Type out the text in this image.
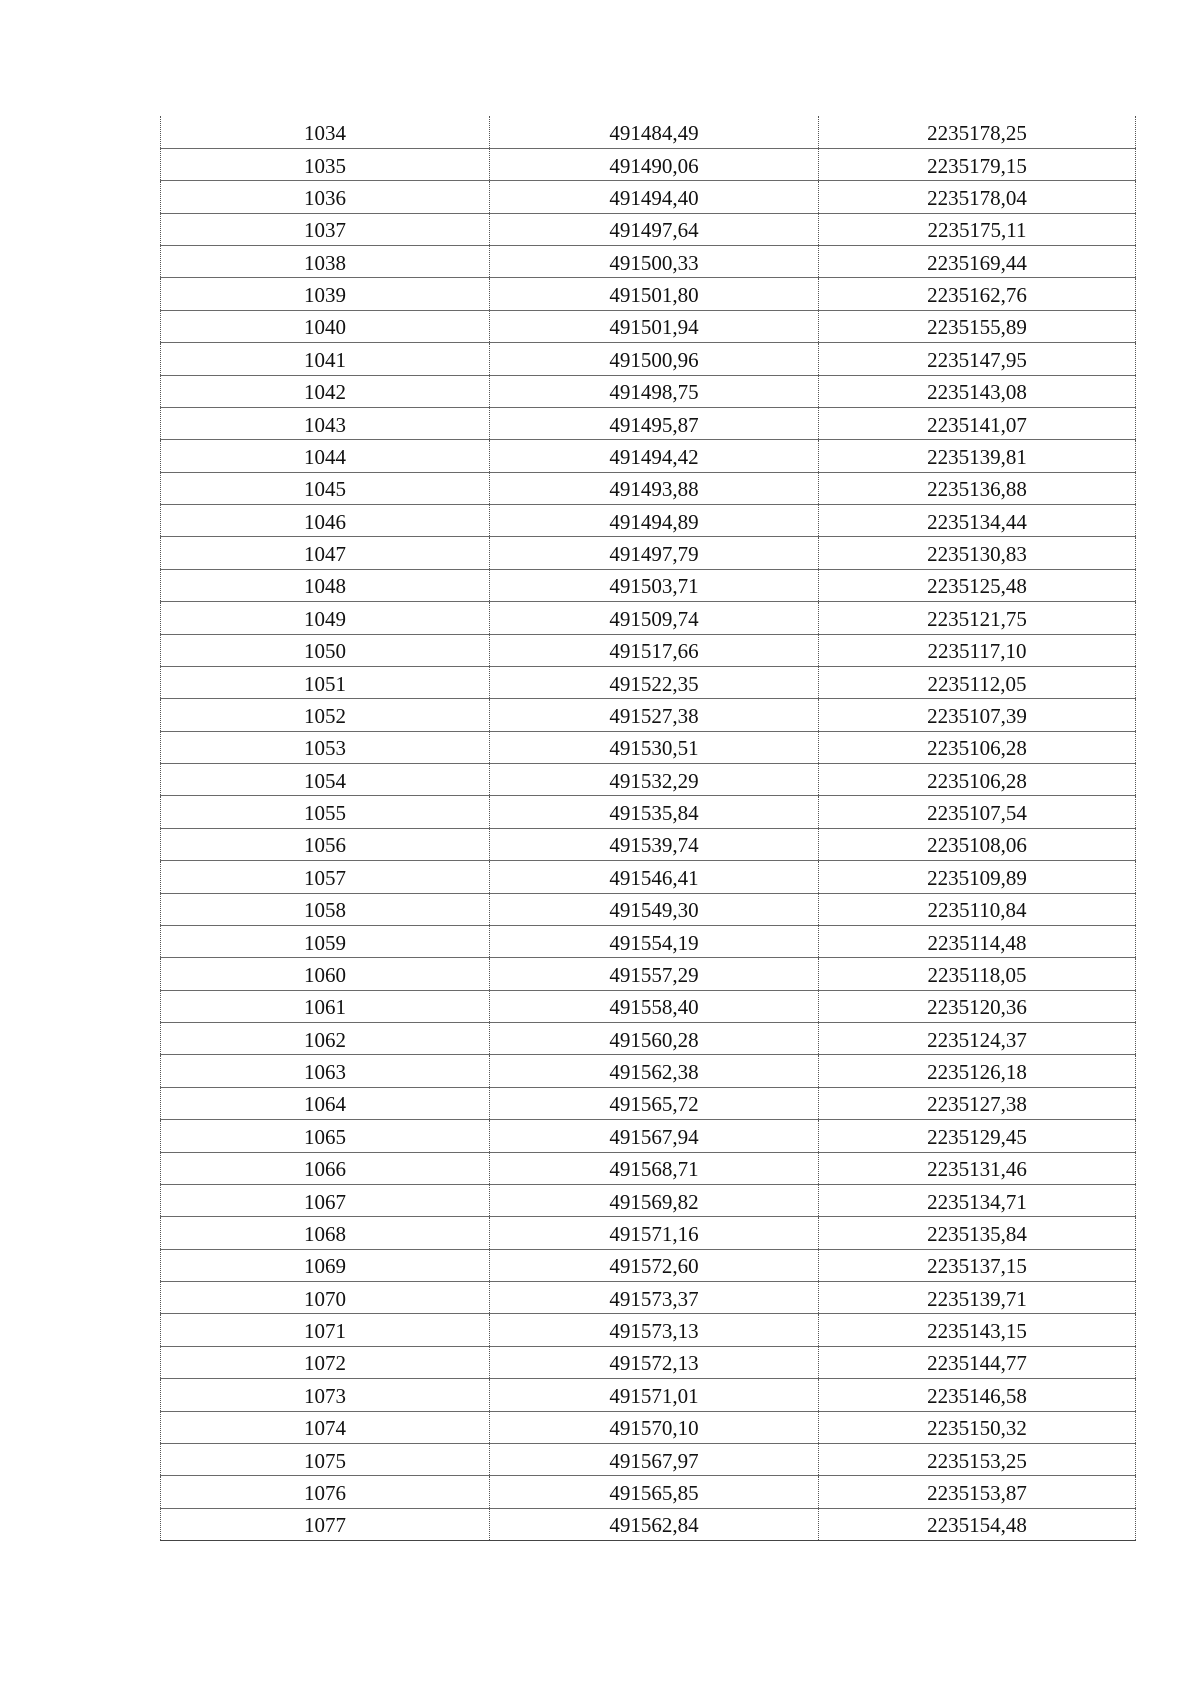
1034	491484,49	2235178,25
1035	491490,06	2235179,15
1036	491494,40	2235178,04
1037	491497,64	2235175,11
1038	491500,33	2235169,44
1039	491501,80	2235162,76
1040	491501,94	2235155,89
1041	491500,96	2235147,95
1042	491498,75	2235143,08
1043	491495,87	2235141,07
1044	491494,42	2235139,81
1045	491493,88	2235136,88
1046	491494,89	2235134,44
1047	491497,79	2235130,83
1048	491503,71	2235125,48
1049	491509,74	2235121,75
1050	491517,66	2235117,10
1051	491522,35	2235112,05
1052	491527,38	2235107,39
1053	491530,51	2235106,28
1054	491532,29	2235106,28
1055	491535,84	2235107,54
1056	491539,74	2235108,06
1057	491546,41	2235109,89
1058	491549,30	2235110,84
1059	491554,19	2235114,48
1060	491557,29	2235118,05
1061	491558,40	2235120,36
1062	491560,28	2235124,37
1063	491562,38	2235126,18
1064	491565,72	2235127,38
1065	491567,94	2235129,45
1066	491568,71	2235131,46
1067	491569,82	2235134,71
1068	491571,16	2235135,84
1069	491572,60	2235137,15
1070	491573,37	2235139,71
1071	491573,13	2235143,15
1072	491572,13	2235144,77
1073	491571,01	2235146,58
1074	491570,10	2235150,32
1075	491567,97	2235153,25
1076	491565,85	2235153,87
1077	491562,84	2235154,48
